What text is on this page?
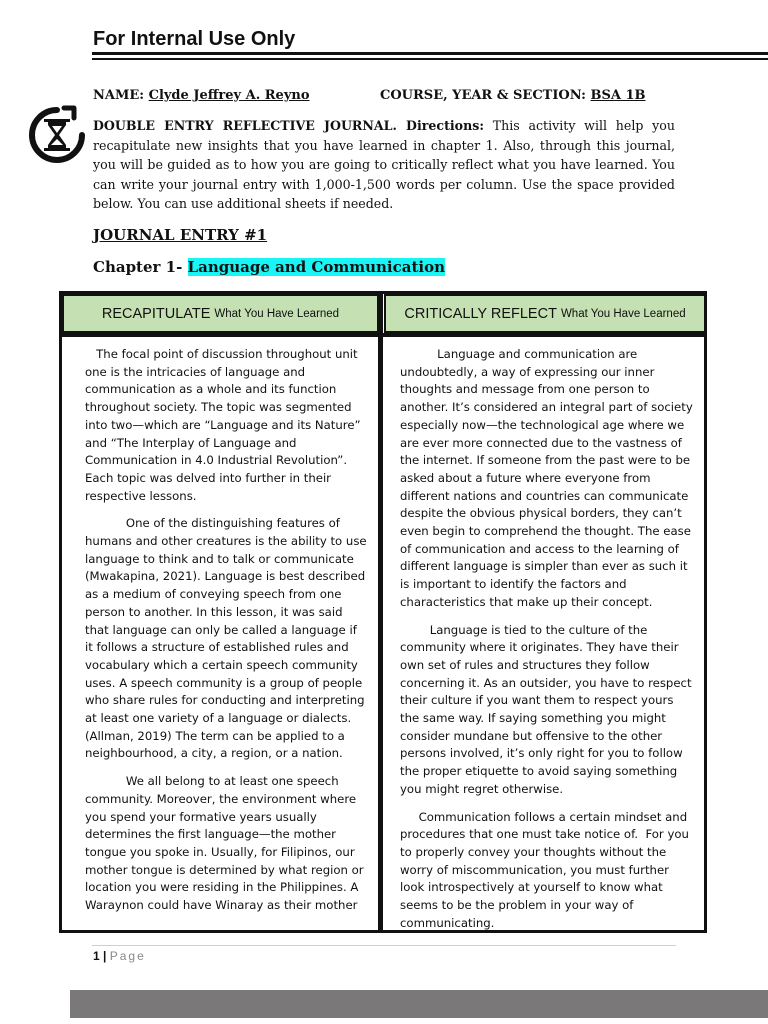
For Internal Use Only
NAME: Clyde Jeffrey A. Reyno	COURSE, YEAR & SECTION: BSA 1B
DOUBLE ENTRY REFLECTIVE JOURNAL. Directions: This activity will help you recapitulate new insights that you have learned in chapter 1. Also, through this journal, you will be guided as to how you are going to critically reflect what you have learned. You can write your journal entry with 1,000-1,500 words per column. Use the space provided below. You can use additional sheets if needed.
JOURNAL ENTRY #1
Chapter 1- Language and Communication
RECAPITULATE What You Have Learned	CRITICALLY REFLECT What You Have Learned

The focal point of discussion throughout unit one is the intricacies of language and communication as a whole and its function throughout society. The topic was segmented into two—which are “Language and its Nature” and “The Interplay of Language and Communication in 4.0 Industrial Revolution”. Each topic was delved into further in their respective lessons.

One of the distinguishing features of humans and other creatures is the ability to use language to think and to talk or communicate (Mwakapina, 2021). Language is best described as a medium of conveying speech from one person to another. In this lesson, it was said that language can only be called a language if it follows a structure of established rules and vocabulary which a certain speech community uses. A speech community is a group of people who share rules for conducting and interpreting at least one variety of a language or dialects. (Allman, 2019) The term can be applied to a neighbourhood, a city, a region, or a nation.

We all belong to at least one speech community. Moreover, the environment where you spend your formative years usually determines the first language—the mother tongue you spoke in. Usually, for Filipinos, our mother tongue is determined by what region or location you were residing in the Philippines. A Waraynon could have Winaray as their mother

Language and communication are undoubtedly, a way of expressing our inner thoughts and message from one person to another. It’s considered an integral part of society especially now—the technological age where we are ever more connected due to the vastness of the internet. If someone from the past were to be asked about a future where everyone from different nations and countries can communicate despite the obvious physical borders, they can’t even begin to comprehend the thought. The ease of communication and access to the learning of different language is simpler than ever as such it is important to identify the factors and characteristics that make up their concept.

Language is tied to the culture of the community where it originates. They have their own set of rules and structures they follow concerning it. As an outsider, you have to respect their culture if you want them to respect yours the same way. If saying something you might consider mundane but offensive to the other persons involved, it’s only right for you to follow the proper etiquette to avoid saying something you might regret otherwise.

Communication follows a certain mindset and procedures that one must take notice of.  For you to properly convey your thoughts without the worry of miscommunication, you must further look introspectively at yourself to know what seems to be the problem in your way of communicating.

1 | Page
